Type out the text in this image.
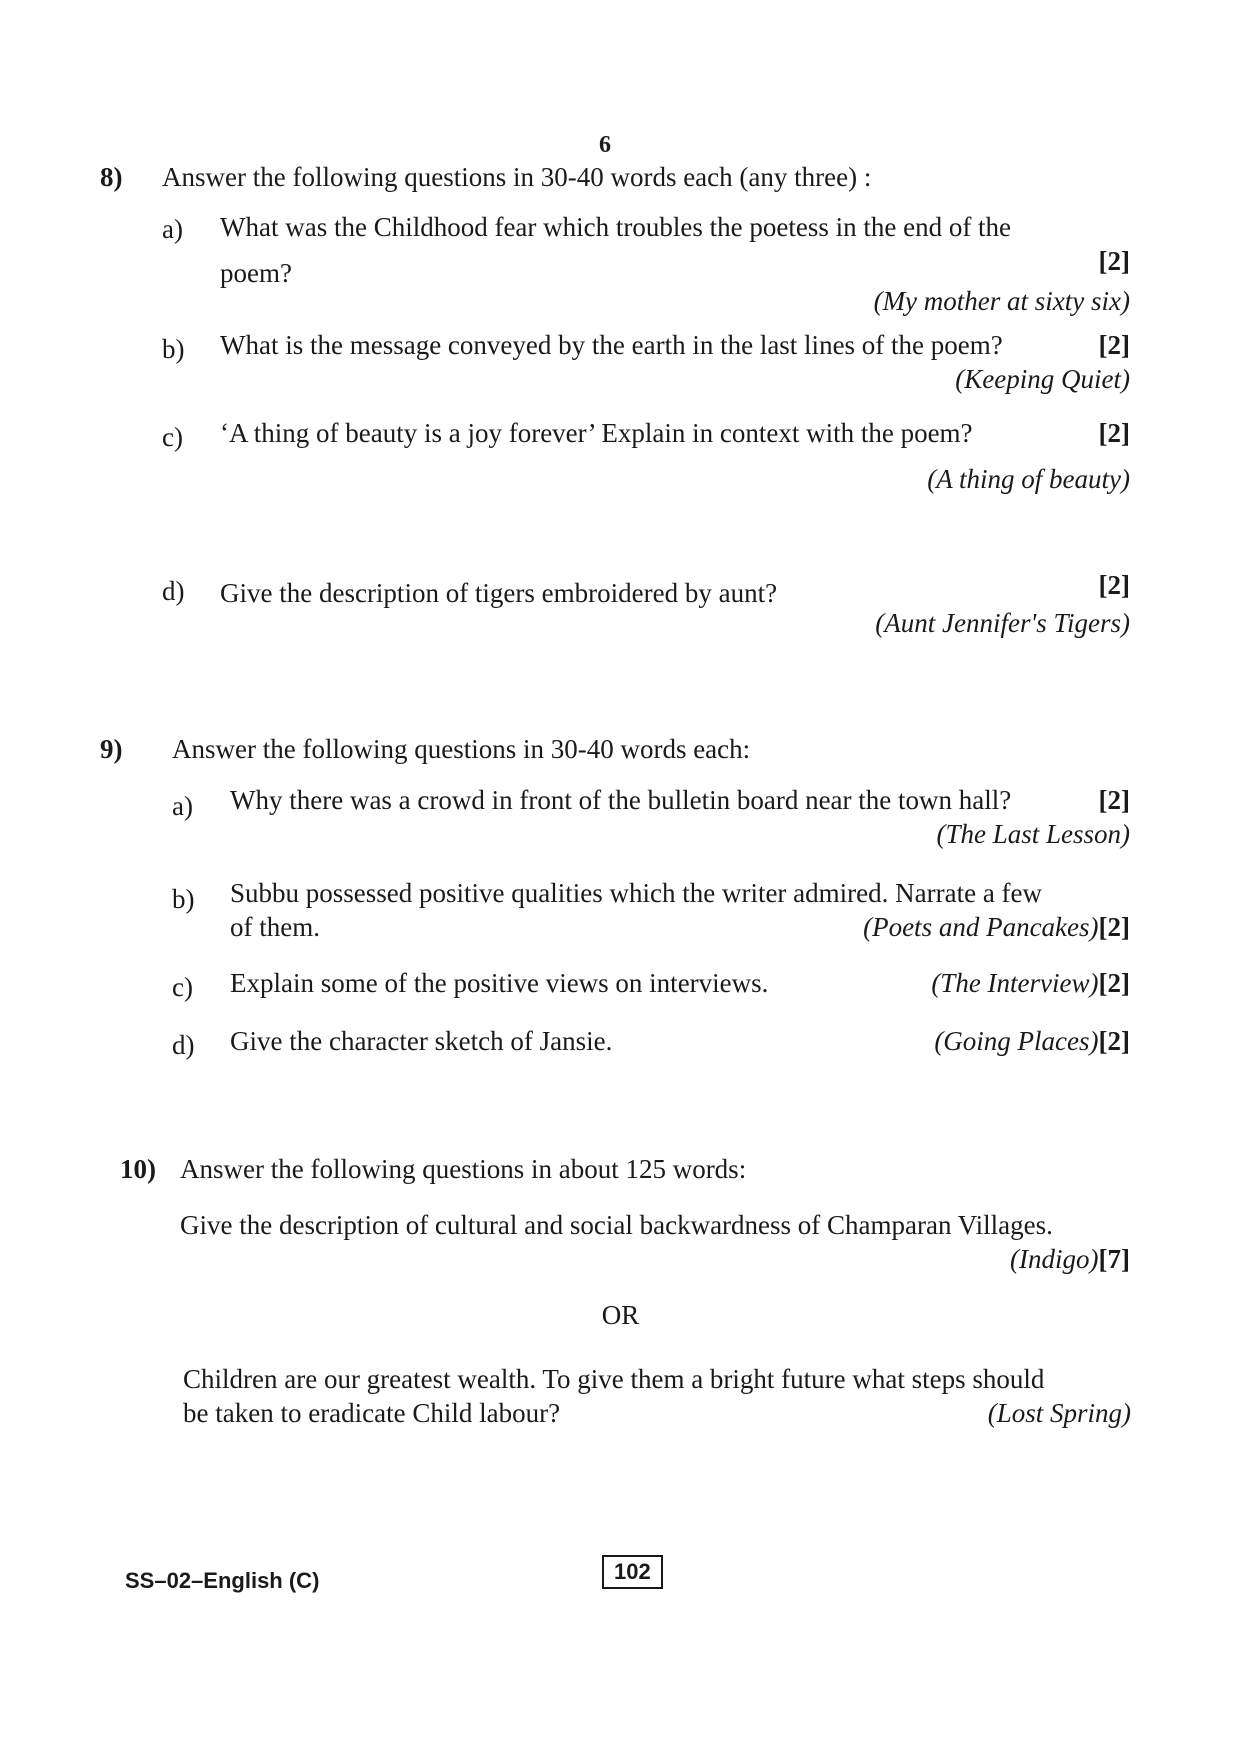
6
8)	Answer the following questions in 30-40 words each (any three) :
a)	What was the Childhood fear which troubles the poetess in the end of the
poem?	[2]
(My mother at sixty six)
b)	What is the message conveyed by the earth in the last lines of the poem?	[2]
(Keeping Quiet)
c)	‘A thing of beauty is a joy forever’ Explain in context with the poem?	[2]
(A thing of beauty)
d)	Give the description of tigers embroidered by aunt?	[2]
(Aunt Jennifer's Tigers)
9)	Answer the following questions in 30-40 words each:
a)	Why there was a crowd in front of the bulletin board near the town hall?	[2]
(The Last Lesson)
b)	Subbu possessed positive qualities which the writer admired. Narrate a few
of them.	(Poets and Pancakes)[2]
c)	Explain some of the positive views on interviews.	(The Interview)[2]
d)	Give the character sketch of Jansie.	(Going Places)[2]
10) Answer the following questions in about 125 words:
Give the description of cultural and social backwardness of Champaran Villages.
(Indigo)[7]
OR
Children are our greatest wealth. To give them a bright future what steps should
be taken to eradicate Child labour?	(Lost Spring)
SS–02–English (C)	102
